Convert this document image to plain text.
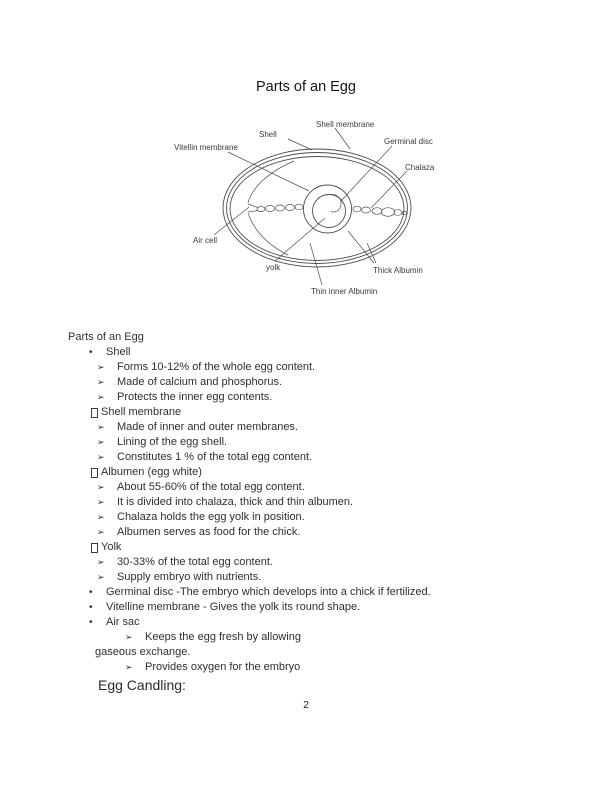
Parts of an Egg
Shell membrane
Shell
Germinal disc
Vitellin membrane
Chalaza
Air cell
yolk	Thick Albumin
Thin inner Albumin
Parts of an Egg
• Shell
➢ Forms 10-12% of the whole egg content.
➢ Made of calcium and phosphorus.
➢ Protects the inner egg contents.
Shell membrane
➢ Made of inner and outer membranes.
➢ Lining of the egg shell.
➢ Constitutes 1 % of the total egg content.
Albumen (egg white)
➢ About 55-60% of the total egg content.
➢ It is divided into chalaza, thick and thin albumen.
➢ Chalaza holds the egg yolk in position.
➢ Albumen serves as food for the chick.
Yolk
➢ 30-33% of the total egg content.
➢ Supply embryo with nutrients.
• Germinal disc -The embryo which develops into a chick if fertilized.
• Vitelline membrane - Gives the yolk its round shape.
• Air sac
➢ Keeps the egg fresh by allowing
gaseous exchange.
➢ Provides oxygen for the embryo
Egg Candling:
2
